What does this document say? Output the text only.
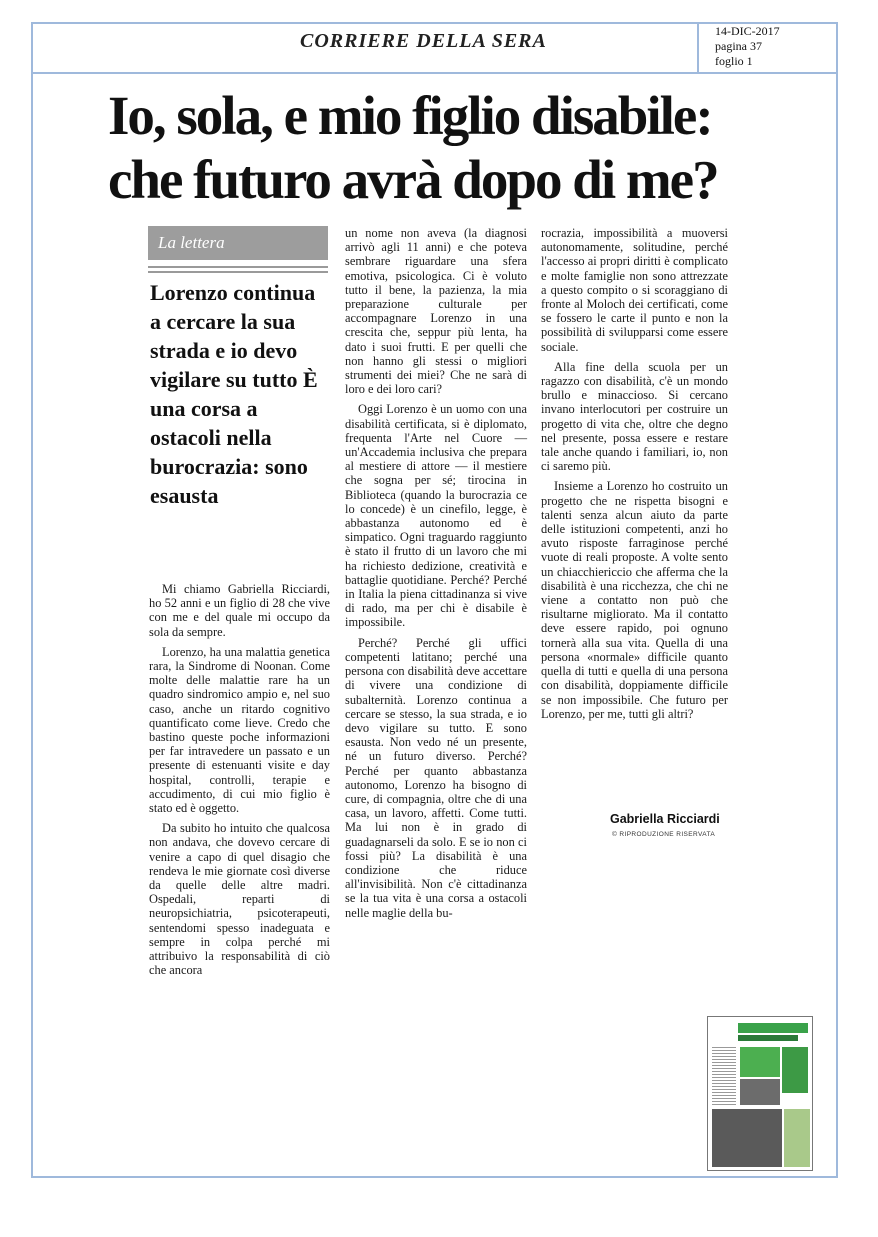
CORRIERE DELLA SERA	14-DIC-2017
pagina 37
foglio 1
Io, sola, e mio figlio disabile:
che futuro avrà dopo di me?
La lettera
Lorenzo continua a cercare la sua strada e io devo vigilare su tutto È una corsa a ostacoli nella burocrazia: sono esausta

Mi chiamo Gabriella Ricciardi, ho 52 anni e un figlio di 28 che vive con me e del quale mi occupo da sola da sempre.

Lorenzo, ha una malattia genetica rara, la Sindrome di Noonan. Come molte delle malattie rare ha un quadro sindromico ampio e, nel suo caso, anche un ritardo cognitivo quantificato come lieve. Credo che bastino queste poche informazioni per far intravedere un passato e un presente di estenuanti visite e day hospital, controlli, terapie e accudimento, di cui mio figlio è stato ed è oggetto.

Da subito ho intuito che qualcosa non andava, che dovevo cercare di venire a capo di quel disagio che rendeva le mie giornate così diverse da quelle delle altre madri. Ospedali, reparti di neuropsichiatria, psicoterapeuti, sentendomi spesso inadeguata e sempre in colpa perché mi attribuivo la responsabilità di ciò che ancora

un nome non aveva (la diagnosi arrivò agli 11 anni) e che poteva sembrare riguardare una sfera emotiva, psicologica. Ci è voluto tutto il bene, la pazienza, la mia preparazione culturale per accompagnare Lorenzo in una crescita che, seppur più lenta, ha dato i suoi frutti. E per quelli che non hanno gli stessi o migliori strumenti dei miei? Che ne sarà di loro e dei loro cari?

Oggi Lorenzo è un uomo con una disabilità certificata, si è diplomato, frequenta l'Arte nel Cuore — un'Accademia inclusiva che prepara al mestiere di attore — il mestiere che sogna per sé; tirocina in Biblioteca (quando la burocrazia ce lo concede) è un cinefilo, legge, è abbastanza autonomo ed è simpatico. Ogni traguardo raggiunto è stato il frutto di un lavoro che mi ha richiesto dedizione, creatività e battaglie quotidiane. Perché? Perché in Italia la piena cittadinanza si vive di rado, ma per chi è disabile è impossibile.

Perché? Perché gli uffici competenti latitano; perché una persona con disabilità deve accettare di vivere una condizione di subalternità. Lorenzo continua a cercare se stesso, la sua strada, e io devo vigilare su tutto. E sono esausta. Non vedo né un presente, né un futuro diverso. Perché? Perché per quanto abbastanza autonomo, Lorenzo ha bisogno di cure, di compagnia, oltre che di una casa, un lavoro, affetti. Come tutti. Ma lui non è in grado di guadagnarseli da solo. E se io non ci fossi più? La disabilità è una condizione che riduce all'invisibilità. Non c'è cittadinanza se la tua vita è una corsa a ostacoli nelle maglie della bu-

rocrazia, impossibilità a muoversi autonomamente, solitudine, perché l'accesso ai propri diritti è complicato e molte famiglie non sono attrezzate a questo compito o si scoraggiano di fronte al Moloch dei certificati, come se fossero le carte il punto e non la possibilità di svilupparsi come essere sociale.

Alla fine della scuola per un ragazzo con disabilità, c'è un mondo brullo e minaccioso. Si cercano invano interlocutori per costruire un progetto di vita che, oltre che degno nel presente, possa essere e restare tale anche quando i familiari, io, non ci saremo più.

Insieme a Lorenzo ho costruito un progetto che ne rispetta bisogni e talenti senza alcun aiuto da parte delle istituzioni competenti, anzi ho avuto risposte farraginose perché vuote di reali proposte. A volte sento un chiacchiericcio che afferma che la disabilità è una ricchezza, che chi ne viene a contatto non può che risultarne migliorato. Ma il contatto deve essere rapido, poi ognuno tornerà alla sua vita. Quella di una persona «normale» difficile quanto quella di tutti e quella di una persona con disabilità, doppiamente difficile se non impossibile. Che futuro per Lorenzo, per me, tutti gli altri?

Gabriella Ricciardi
© RIPRODUZIONE RISERVATA
